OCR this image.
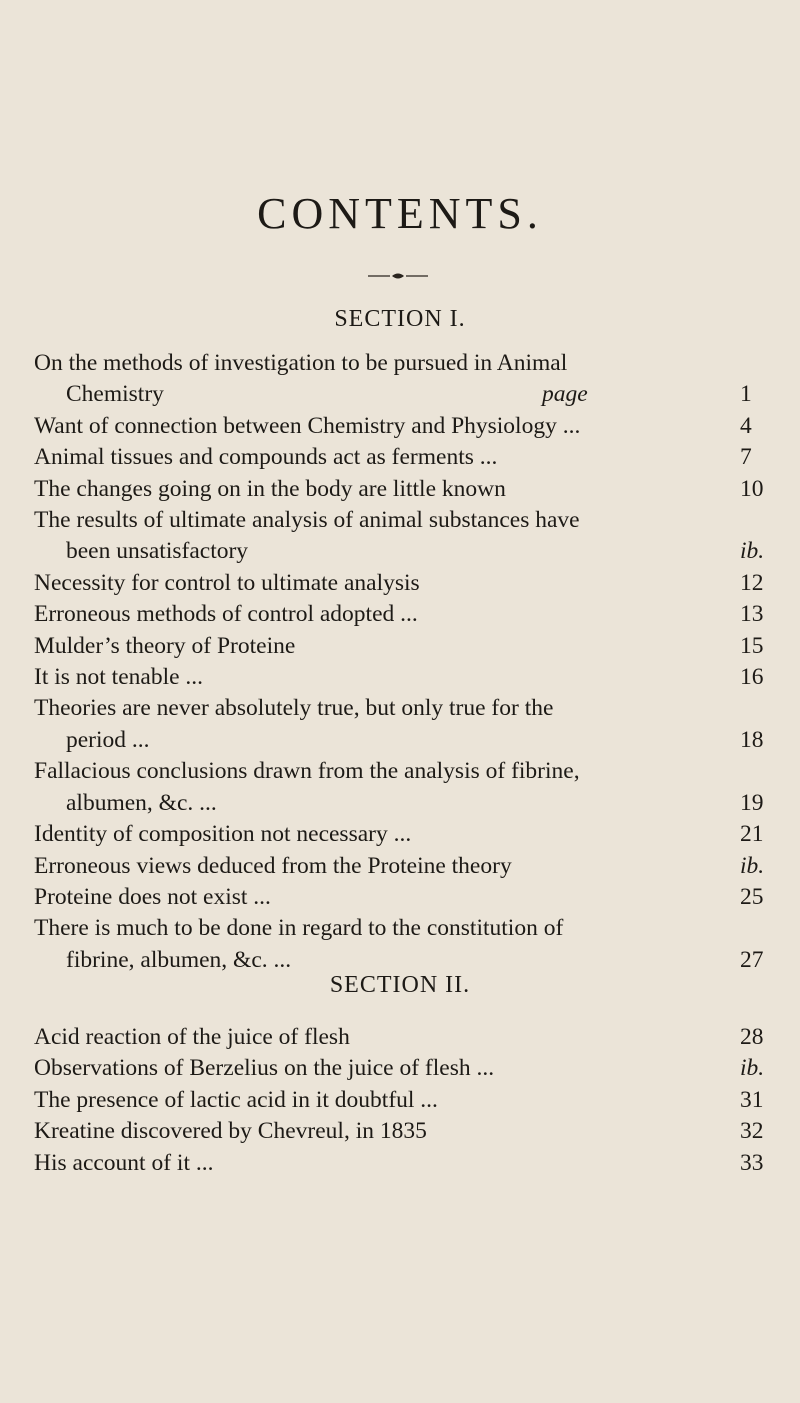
CONTENTS.
SECTION I.
On the methods of investigation to be pursued in Animal
Chemistry	page	1
Want of connection between Chemistry and Physiology ...	4
Animal tissues and compounds act as ferments ...	7
The changes going on in the body are little known	10
The results of ultimate analysis of animal substances have
been unsatisfactory	ib.
Necessity for control to ultimate analysis	12
Erroneous methods of control adopted ...	13
Mulder’s theory of Proteine	15
It is not tenable ...	16
Theories are never absolutely true, but only true for the
period ...	18
Fallacious conclusions drawn from the analysis of fibrine,
albumen, &c. ...	19
Identity of composition not necessary ...	21
Erroneous views deduced from the Proteine theory	ib.
Proteine does not exist ...	25
There is much to be done in regard to the constitution of
fibrine, albumen, &c. ...	27
SECTION II.
Acid reaction of the juice of flesh	28
Observations of Berzelius on the juice of flesh ...	ib.
The presence of lactic acid in it doubtful ...	31
Kreatine discovered by Chevreul, in 1835	32
His account of it ...	33
